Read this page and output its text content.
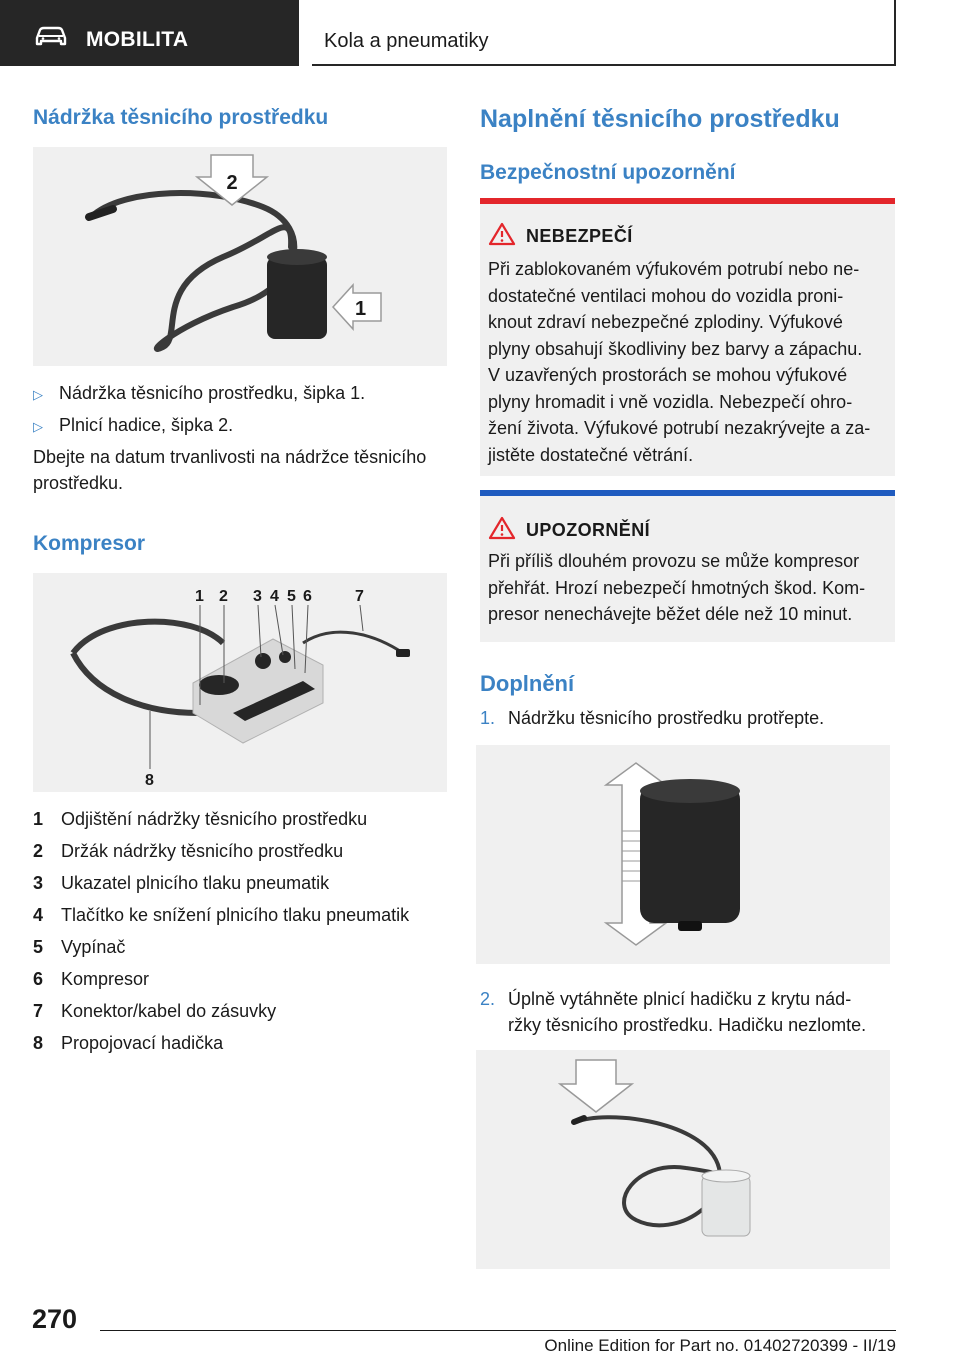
MOBILITA	Kola a pneumatiky
Nádržka těsnicího prostředku
2
1
▷ Nádržka těsnicího prostředku, šipka 1.
▷ Plnicí hadice, šipka 2.
Dbejte na datum trvanlivosti na nádržce těsnicího
prostředku.
Kompresor
1 2 3 4 5 6	7
8
1 Odjištění nádržky těsnicího prostředku
2 Držák nádržky těsnicího prostředku
3 Ukazatel plnicího tlaku pneumatik
4 Tlačítko ke snížení plnicího tlaku pneumatik
5 Vypínač
6 Kompresor
7 Konektor/kabel do zásuvky
8 Propojovací hadička
Naplnění těsnicího prostředku
Bezpečnostní upozornění
NEBEZPEČÍ
Při zablokovaném výfukovém potrubí nebo ne-
dostatečné ventilaci mohou do vozidla proni-
knout zdraví nebezpečné zplodiny. Výfukové
plyny obsahují škodliviny bez barvy a zápachu.
V uzavřených prostorách se mohou výfukové
plyny hromadit i vně vozidla. Nebezpečí ohro-
žení života. Výfukové potrubí nezakrývejte a za-
jistěte dostatečné větrání.
UPOZORNĚNÍ
Při příliš dlouhém provozu se může kompresor
přehřát. Hrozí nebezpečí hmotných škod. Kom-
presor nenechávejte běžet déle než 10 minut.
Doplnění
1. Nádržku těsnicího prostředku protřepte.
2. Úplně vytáhněte plnicí hadičku z krytu nád-
ržky těsnicího prostředku. Hadičku nezlomte.
270
Online Edition for Part no. 01402720399 - II/19
